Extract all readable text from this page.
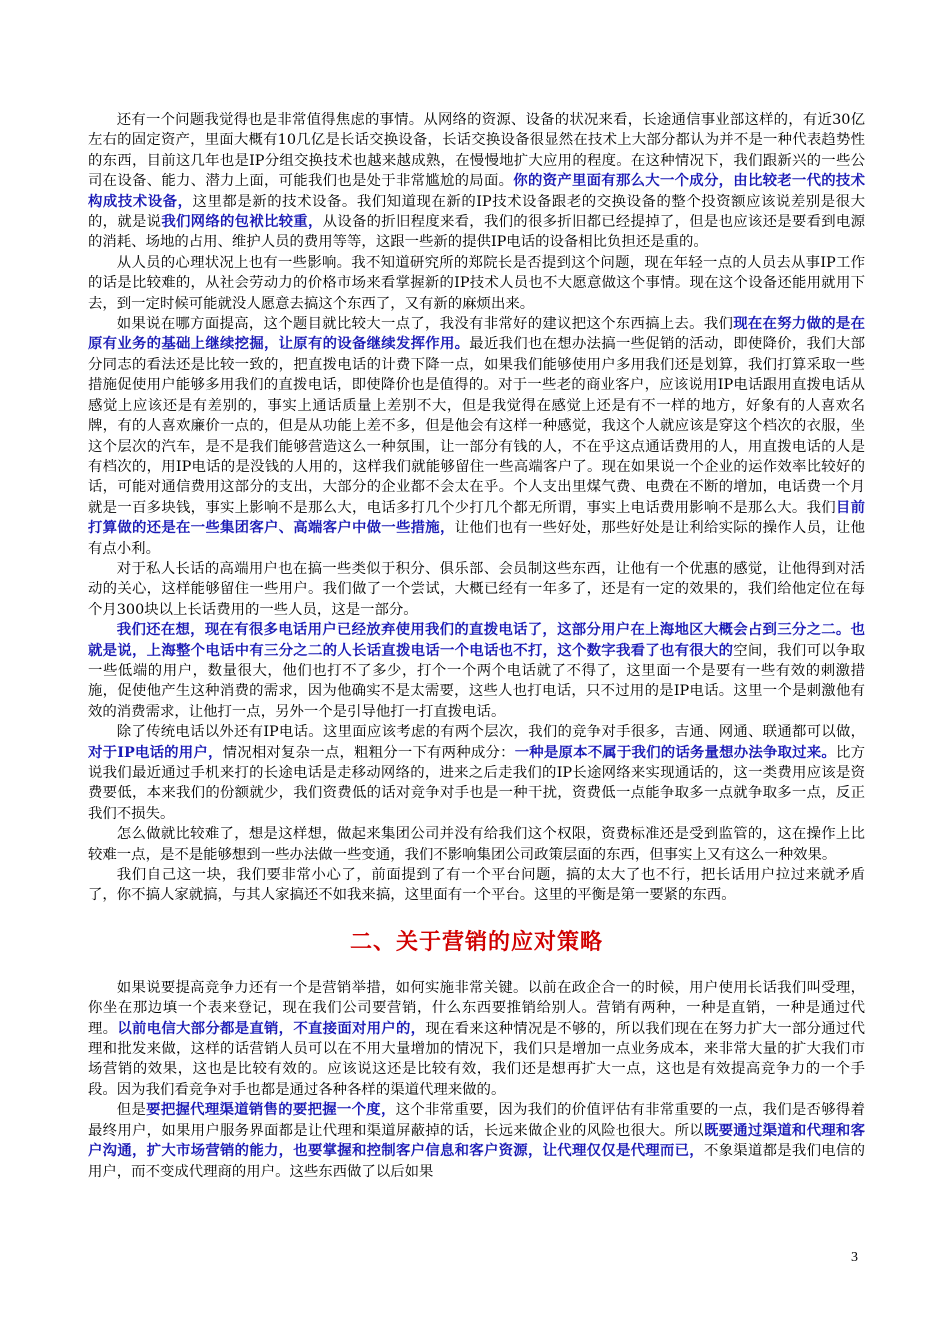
还有一个问题我觉得也是非常值得焦虑的事情。从网络的资源、设备的状况来看，长途通信事业部这样的，有近30亿左右的固定资产，里面大概有10几亿是长话交换设备，长话交换设备很显然在技术上大部分都认为并不是一种代表趋势性的东西，目前这几年也是IP分组交换技术也越来越成熟，在慢慢地扩大应用的程度。在这种情况下，我们跟新兴的一些公司在设备、能力、潜力上面，可能我们也是处于非常尴尬的局面。你的资产里面有那么大一个成分，由比较老一代的技术构成技术设备，这里都是新的技术设备。我们知道现在新的IP技术设备跟老的交换设备的整个投资额应该说差别是很大的，就是说我们网络的包袱比较重，从设备的折旧程度来看，我们的很多折旧都已经提掉了，但是也应该还是要看到电源的消耗、场地的占用、维护人员的费用等等，这跟一些新的提供IP电话的设备相比负担还是重的。

从人员的心理状况上也有一些影响。我不知道研究所的郑院长是否提到这个问题，现在年轻一点的人员去从事IP工作的话是比较难的，从社会劳动力的价格市场来看掌握新的IP技术人员也不大愿意做这个事情。现在这个设备还能用就用下去，到一定时候可能就没人愿意去搞这个东西了，又有新的麻烦出来。

如果说在哪方面提高，这个题目就比较大一点了，我没有非常好的建议把这个东西搞上去。我们现在在努力做的是在原有业务的基础上继续挖掘，让原有的设备继续发挥作用。最近我们也在想办法搞一些促销的活动，即使降价，我们大部分同志的看法还是比较一致的，把直拨电话的计费下降一点，如果我们能够使用户多用我们还是划算，我们打算采取一些措施促使用户能够多用我们的直拨电话，即使降价也是值得的。对于一些老的商业客户，应该说用IP电话跟用直拨电话从感觉上应该还是有差别的，事实上通话质量上差别不大，但是我觉得在感觉上还是有不一样的地方，好象有的人喜欢名牌，有的人喜欢廉价一点的，但是从功能上差不多，但是他会有这样一种感觉，我这个人就应该是穿这个档次的衣服，坐这个层次的汽车，是不是我们能够营造这么一种氛围，让一部分有钱的人，不在乎这点通话费用的人，用直拨电话的人是有档次的，用IP电话的是没钱的人用的，这样我们就能够留住一些高端客户了。现在如果说一个企业的运作效率比较好的话，可能对通信费用这部分的支出，大部分的企业都不会太在乎。个人支出里煤气费、电费在不断的增加，电话费一个月就是一百多块钱，事实上影响不是那么大，电话多打几个少打几个都无所谓，事实上电话费用影响不是那么大。我们目前打算做的还是在一些集团客户、高端客户中做一些措施，让他们也有一些好处，那些好处是让利给实际的操作人员，让他有点小利。

对于私人长话的高端用户也在搞一些类似于积分、俱乐部、会员制这些东西，让他有一个优惠的感觉，让他得到对活动的关心，这样能够留住一些用户。我们做了一个尝试，大概已经有一年多了，还是有一定的效果的，我们给他定位在每个月300块以上长话费用的一些人员，这是一部分。

我们还在想，现在有很多电话用户已经放弃使用我们的直拨电话了，这部分用户在上海地区大概会占到三分之二。也就是说，上海整个电话中有三分之二的人长话直拨电话一个电话也不打，这个数字我看了也有很大的空间，我们可以争取一些低端的用户，数量很大，他们也打不了多少，打个一个两个电话就了不得了，这里面一个是要有一些有效的刺激措施，促使他产生这种消费的需求，因为他确实不是太需要，这些人也打电话，只不过用的是IP电话。这里一个是刺激他有效的消费需求，让他打一点，另外一个是引导他打一打直拨电话。

除了传统电话以外还有IP电话。这里面应该考虑的有两个层次，我们的竞争对手很多，吉通、网通、联通都可以做，对于IP电话的用户，情况相对复杂一点，粗粗分一下有两种成分：一种是原本不属于我们的话务量想办法争取过来。比方说我们最近通过手机来打的长途电话是走移动网络的，进来之后走我们的IP长途网络来实现通话的，这一类费用应该是资费要低，本来我们的份额就少，我们资费低的话对竞争对手也是一种干扰，资费低一点能争取多一点就争取多一点，反正我们不损失。

怎么做就比较难了，想是这样想，做起来集团公司并没有给我们这个权限，资费标准还是受到监管的，这在操作上比较难一点，是不是能够想到一些办法做一些变通，我们不影响集团公司政策层面的东西，但事实上又有这么一种效果。

我们自己这一块，我们要非常小心了，前面提到了有一个平台问题，搞的太大了也不行，把长话用户拉过来就矛盾了，你不搞人家就搞，与其人家搞还不如我来搞，这里面有一个平台。这里的平衡是第一要紧的东西。

二、关于营销的应对策略

如果说要提高竞争力还有一个是营销举措，如何实施非常关键。以前在政企合一的时候，用户使用长话我们叫受理，你坐在那边填一个表来登记，现在我们公司要营销，什么东西要推销给别人。营销有两种，一种是直销，一种是通过代理。以前电信大部分都是直销，不直接面对用户的，现在看来这种情况是不够的，所以我们现在在努力扩大一部分通过代理和批发来做，这样的话营销人员可以在不用大量增加的情况下，我们只是增加一点业务成本，来非常大量的扩大我们市场营销的效果，这也是比较有效的。应该说这还是比较有效，我们还是想再扩大一点，这也是有效提高竞争力的一个手段。因为我们看竞争对手也都是通过各种各样的渠道代理来做的。

但是要把握代理渠道销售的要把握一个度，这个非常重要，因为我们的价值评估有非常重要的一点，我们是否够得着最终用户，如果用户服务界面都是让代理和渠道屏蔽掉的话，长远来做企业的风险也很大。所以既要通过渠道和代理和客户沟通，扩大市场营销的能力，也要掌握和控制客户信息和客户资源，让代理仅仅是代理而已，不象渠道都是我们电信的用户，而不变成代理商的用户。这些东西做了以后如果

3
